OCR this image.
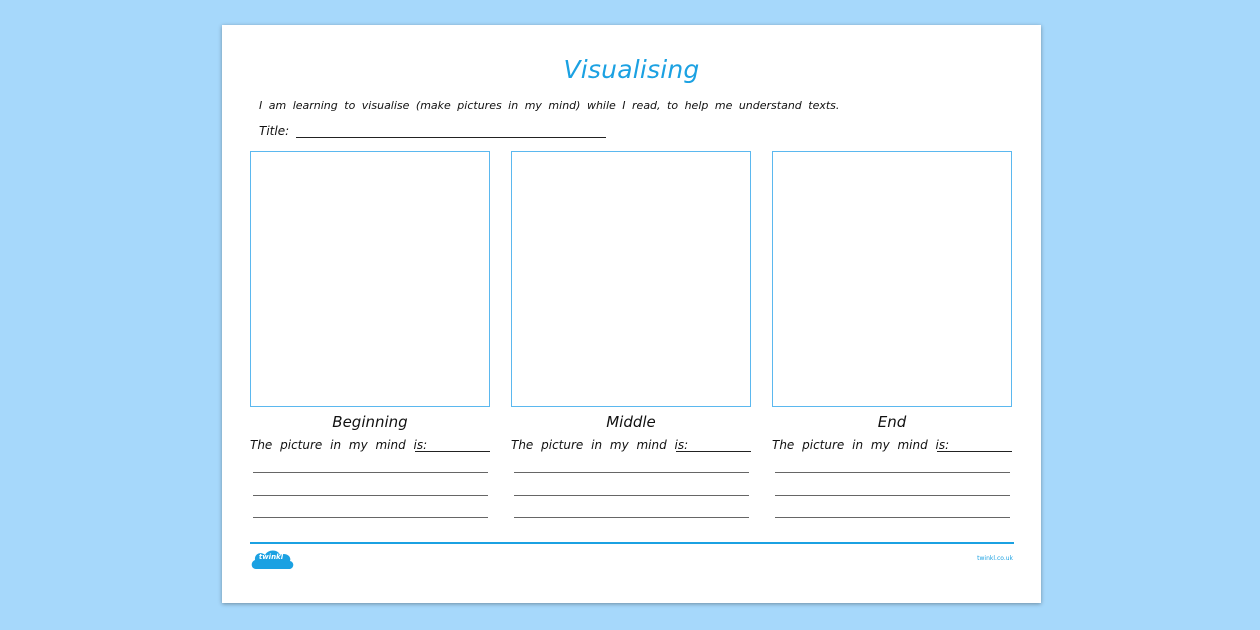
Visualising
I am learning to visualise (make pictures in my mind) while I read, to help me understand texts.
Title:
Beginning
The picture in my mind is:
Middle
The picture in my mind is:
End
The picture in my mind is:
twinkl	twinkl.co.uk
